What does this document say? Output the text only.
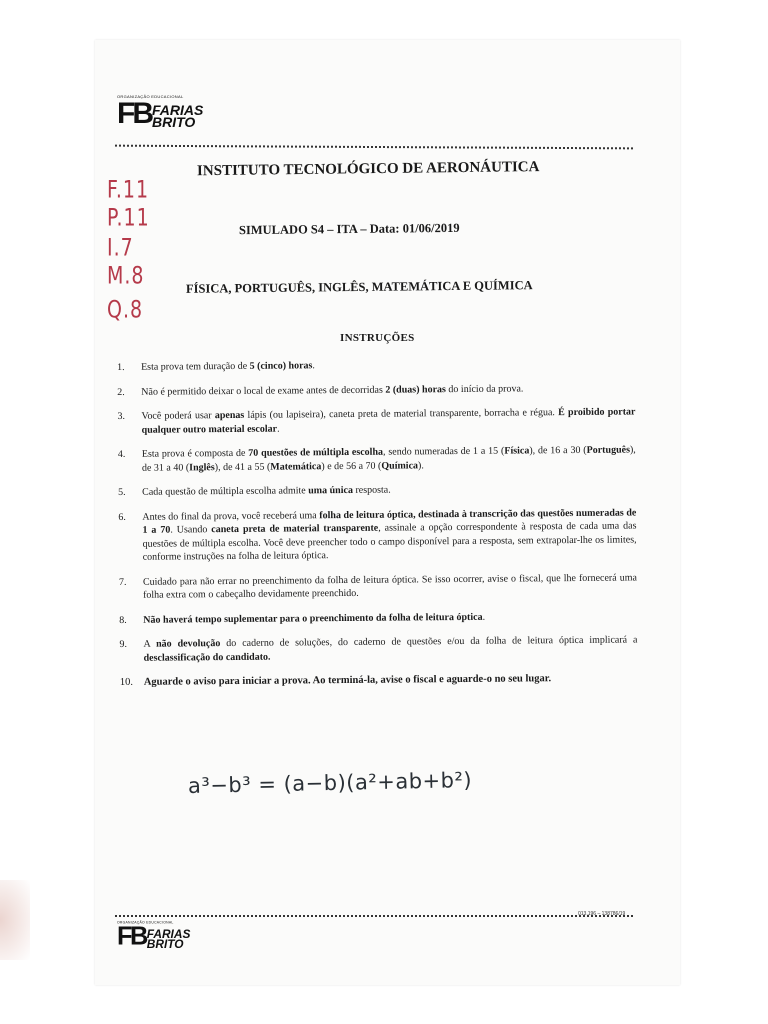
ORGANIZAÇÃO EDUCACIONAL
FB FARIAS
BRITO
INSTITUTO TECNOLÓGICO DE AERONÁUTICA
F.11
P.11
I.7
M.8
Q.8
SIMULADO S4 – ITA – Data: 01/06/2019
FÍSICA, PORTUGUÊS, INGLÊS, MATEMÁTICA E QUÍMICA
INSTRUÇÕES
1.	Esta prova tem duração de 5 (cinco) horas.
2.	Não é permitido deixar o local de exame antes de decorridas 2 (duas) horas do início da prova.
3.	Você poderá usar apenas lápis (ou lapiseira), caneta preta de material transparente, borracha e régua. É proibido portar qualquer outro material escolar.
4.	Esta prova é composta de 70 questões de múltipla escolha, sendo numeradas de 1 a 15 (Física), de 16 a 30 (Português), de 31 a 40 (Inglês), de 41 a 55 (Matemática) e de 56 a 70 (Química).
5.	Cada questão de múltipla escolha admite uma única resposta.
6.	Antes do final da prova, você receberá uma folha de leitura óptica, destinada à transcrição das questões numeradas de 1 a 70. Usando caneta preta de material transparente, assinale a opção correspondente à resposta de cada uma das questões de múltipla escolha. Você deve preencher todo o campo disponível para a resposta, sem extrapolar-lhe os limites, conforme instruções na folha de leitura óptica.
7.	Cuidado para não errar no preenchimento da folha de leitura óptica. Se isso ocorrer, avise o fiscal, que lhe fornecerá uma folha extra com o cabeçalho devidamente preenchido.
8.	Não haverá tempo suplementar para o preenchimento da folha de leitura óptica.
9.	A não devolução do caderno de soluções, do caderno de questões e/ou da folha de leitura óptica implicará a desclassificação do candidato.
10.	Aguarde o aviso para iniciar a prova. Ao terminá-la, avise o fiscal e aguarde-o no seu lugar.
a³−b³ = (a−b)(a²+ab+b²)
013.196 – 138786/19
ORGANIZAÇÃO EDUCACIONAL
FB FARIAS
BRITO
